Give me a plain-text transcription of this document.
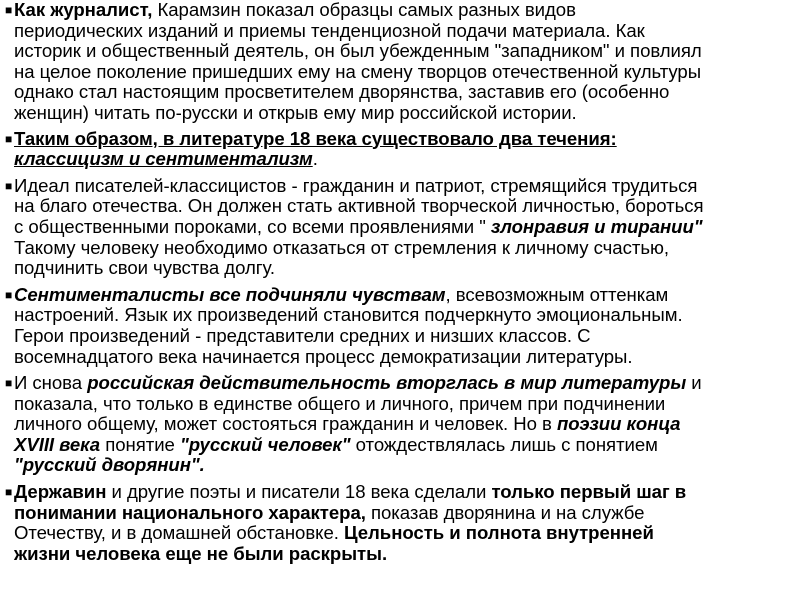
■ Как журналист, Карамзин показал образцы самых разных видов
периодических изданий и приемы тенденциозной подачи материала. Как
историк и общественный деятель, он был убежденным "западником" и повлиял
на целое поколение пришедших ему на смену творцов отечественной культуры
однако стал настоящим просветителем дворянства, заставив его (особенно
женщин) читать по-русски и открыв ему мир российской истории.

■ Таким образом, в литературе 18 века существовало два течения:
классицизм и сентиментализм.

■ Идеал писателей-классицистов - гражданин и патриот, стремящийся трудиться
на благо отечества. Он должен стать активной творческой личностью, бороться
с общественными пороками, со всеми проявлениями " злонравия и тирании"
Такому человеку необходимо отказаться от стремления к личному счастью,
подчинить свои чувства долгу.

■ Сентименталисты все подчиняли чувствам, всевозможным оттенкам
настроений. Язык их произведений становится подчеркнуто эмоциональным.
Герои произведений - представители средних и низших классов. С
восемнадцатого века начинается процесс демократизации литературы.

■ И снова российская действительность вторглась в мир литературы и
показала, что только в единстве общего и личного, причем при подчинении
личного общему, может состояться гражданин и человек. Но в поэзии конца
XVIII века понятие "русский человек" отождествлялась лишь с понятием
"русский дворянин".

■ Державин и другие поэты и писатели 18 века сделали только первый шаг в
понимании национального характера, показав дворянина и на службе
Отечеству, и в домашней обстановке. Цельность и полнота внутренней
жизни человека еще не были раскрыты.
